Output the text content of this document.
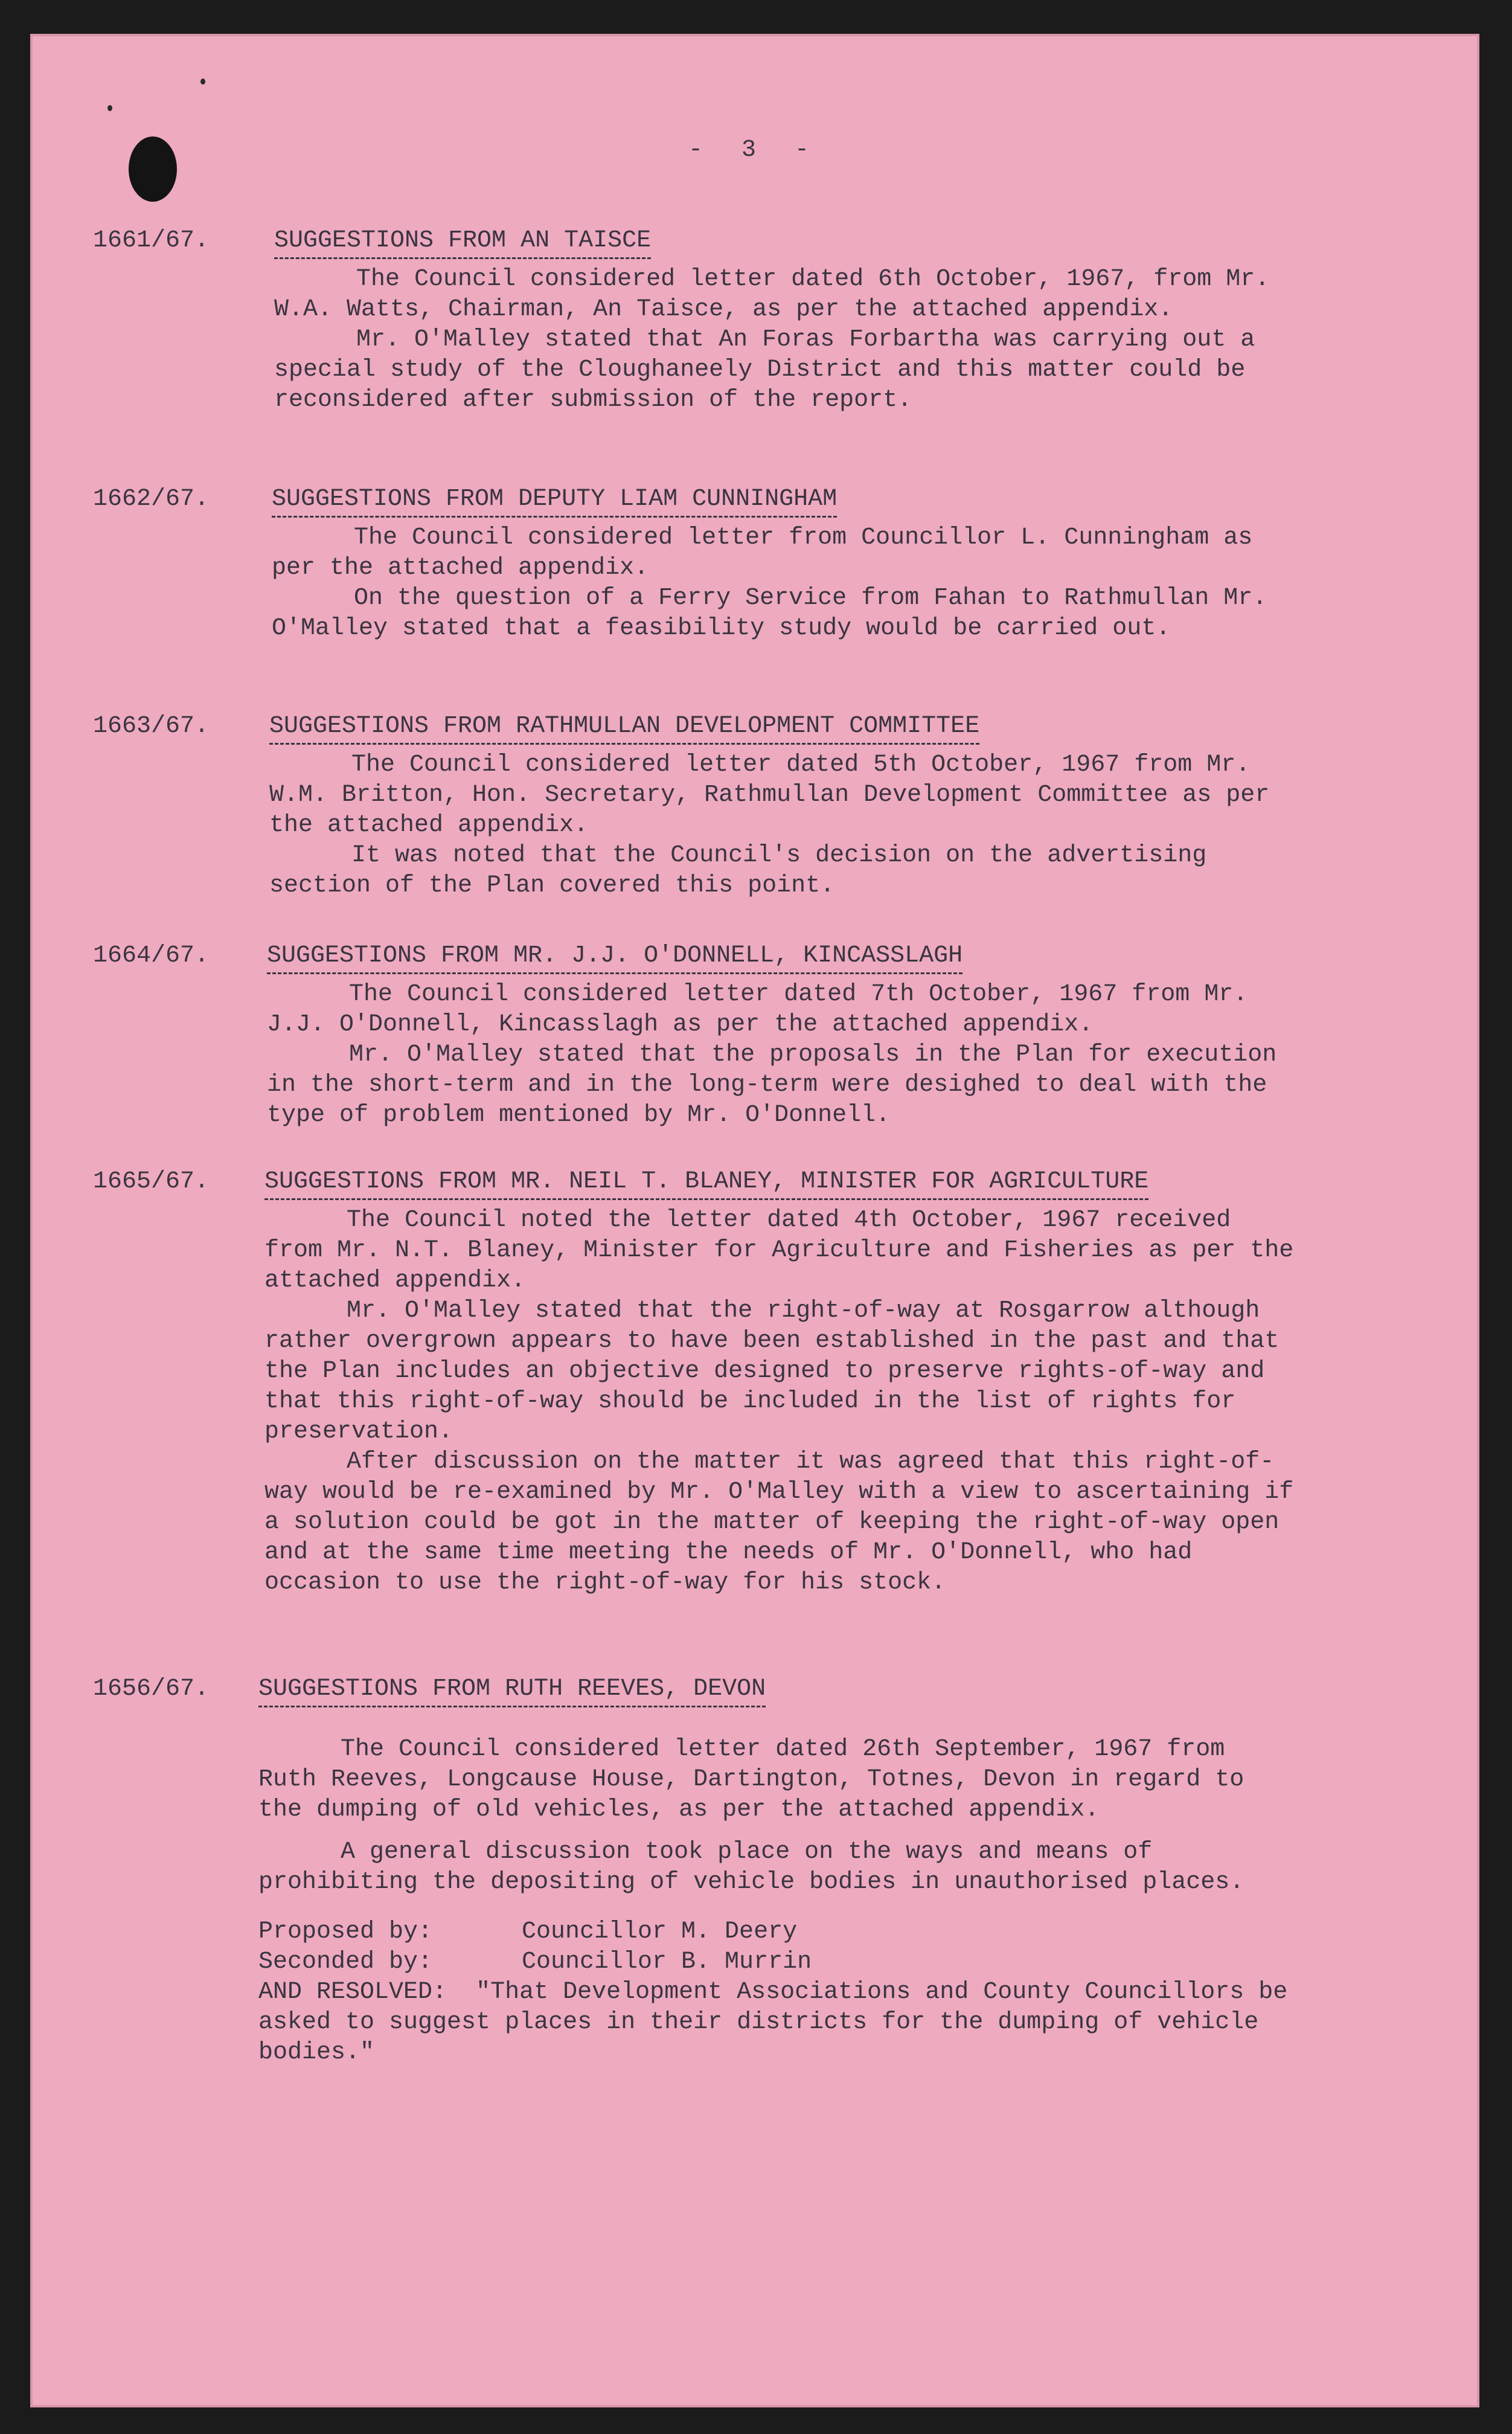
- 3 -
1661/67.	SUGGESTIONS FROM AN TAISCE

The Council considered letter dated 6th October, 1967, from Mr. W.A. Watts, Chairman, An Taisce, as per the attached appendix.

Mr. O'Malley stated that An Foras Forbartha was carrying out a special study of the Cloughaneely District and this matter could be reconsidered after submission of the report.

1662/67.	SUGGESTIONS FROM DEPUTY LIAM CUNNINGHAM

The Council considered letter from Councillor L. Cunningham as per the attached appendix.

On the question of a Ferry Service from Fahan to Rathmullan Mr. O'Malley stated that a feasibility study would be carried out.

1663/67. SUGGESTIONS FROM RATHMULLAN DEVELOPMENT COMMITTEE

The Council considered letter dated 5th October, 1967 from Mr. W.M. Britton, Hon. Secretary, Rathmullan Development Committee as per the attached appendix.

It was noted that the Council's decision on the advertising section of the Plan covered this point.

1664/67. SUGGESTIONS FROM MR. J.J. O'DONNELL, KINCASSLAGH

The Council considered letter dated 7th October, 1967 from Mr. J.J. O'Donnell, Kincasslagh as per the attached appendix.

Mr. O'Malley stated that the proposals in the Plan for execution in the short-term and in the long-term were desighed to deal with the type of problem mentioned by Mr. O'Donnell.

1665/67. SUGGESTIONS FROM MR. NEIL T. BLANEY, MINISTER FOR AGRICULTURE

The Council noted the letter dated 4th October, 1967 received from Mr. N.T. Blaney, Minister for Agriculture and Fisheries as per the attached appendix.

Mr. O'Malley stated that the right-of-way at Rosgarrow although rather overgrown appears to have been established in the past and that the Plan includes an objective designed to preserve rights-of-way and that this right-of-way should be included in the list of rights for preservation.

After discussion on the matter it was agreed that this right-of-way would be re-examined by Mr. O'Malley with a view to ascertaining if a solution could be got in the matter of keeping the right-of-way open and at the same time meeting the needs of Mr. O'Donnell, who had occasion to use the right-of-way for his stock.

1656/67. SUGGESTIONS FROM RUTH REEVES, DEVON

The Council considered letter dated 26th September, 1967 from Ruth Reeves, Longcause House, Dartington, Totnes, Devon in regard to the dumping of old vehicles, as per the attached appendix.

A general discussion took place on the ways and means of prohibiting the depositing of vehicle bodies in unauthorised places.

Proposed by:	Councillor M. Deery
Seconded by:	Councillor B. Murrin

AND RESOLVED: "That Development Associations and County Councillors be asked to suggest places in their districts for the dumping of vehicle bodies."
